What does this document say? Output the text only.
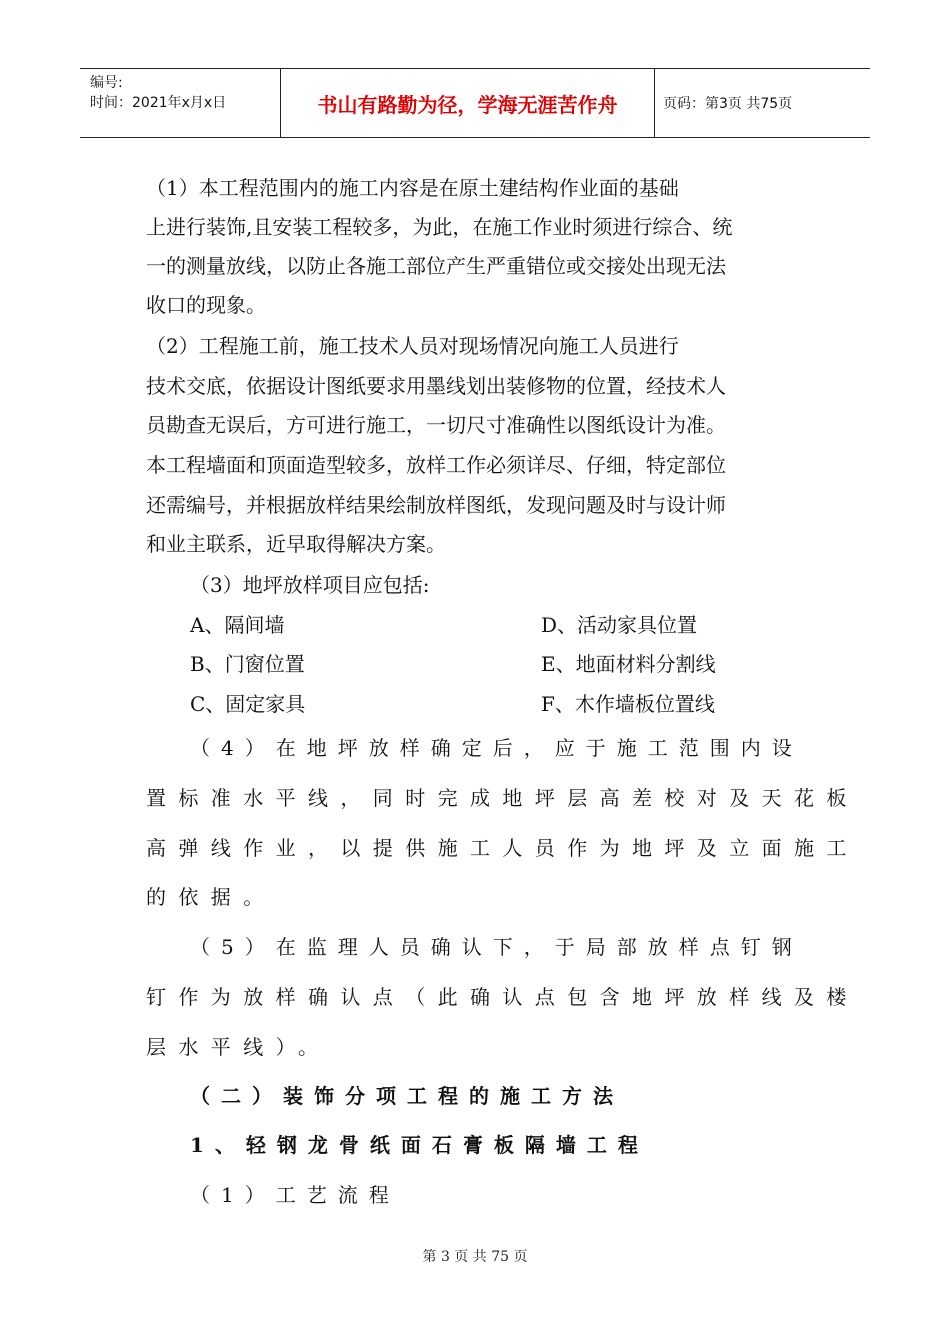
编号:
时间：2021年x月x日	书山有路勤为径，学海无涯苦作舟	页码：第3页 共75页

（1）本工程范围内的施工内容是在原土建结构作业面的基础

上进行装饰,且安装工程较多，为此，在施工作业时须进行综合、统

一的测量放线，以防止各施工部位产生严重错位或交接处出现无法

收口的现象。

（2）工程施工前，施工技术人员对现场情况向施工人员进行

技术交底，依据设计图纸要求用墨线划出装修物的位置，经技术人

员勘查无误后，方可进行施工，一切尺寸准确性以图纸设计为准。

本工程墙面和顶面造型较多，放样工作必须详尽、仔细，特定部位

还需编号，并根据放样结果绘制放样图纸，发现问题及时与设计师

和业主联系，近早取得解决方案。

（3）地坪放样项目应包括:

A、隔间墙	D、活动家具位置
B、门窗位置	E、地面材料分割线
C、固定家具	F、木作墙板位置线

（4）在地坪放样确定后，应于施工范围内设

置标准水平线，同时完成地坪层高差校对及天花板

高弹线作业，以提供施工人员作为地坪及立面施工

的依据。

（5）在监理人员确认下，于局部放样点钉钢

钉作为放样确认点（此确认点包含地坪放样线及楼

层水平线）。

（二）装饰分项工程的施工方法

1、轻钢龙骨纸面石膏板隔墙工程

（1）工艺流程

第 3 页 共 75 页
